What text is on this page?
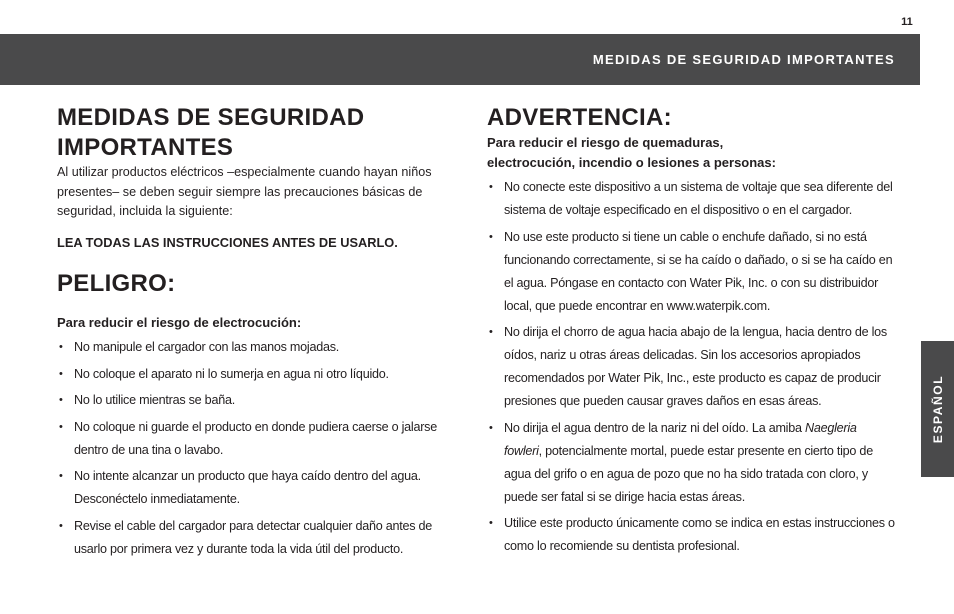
11
MEDIDAS DE SEGURIDAD IMPORTANTES
ESPAÑOL
MEDIDAS DE SEGURIDAD
IMPORTANTES

Al utilizar productos eléctricos –especialmente cuando hayan niños presentes– se deben seguir siempre las precauciones básicas de seguridad, incluida la siguiente:

LEA TODAS LAS INSTRUCCIONES ANTES DE USARLO.

PELIGRO:

Para reducir el riesgo de electrocución:

• No manipule el cargador con las manos mojadas.
• No coloque el aparato ni lo sumerja en agua ni otro líquido.
• No lo utilice mientras se baña.
• No coloque ni guarde el producto en donde pudiera caerse o jalarse dentro de una tina o lavabo.
• No intente alcanzar un producto que haya caído dentro del agua. Desconéctelo inmediatamente.
• Revise el cable del cargador para detectar cualquier daño antes de usarlo por primera vez y durante toda la vida útil del producto.
ADVERTENCIA:

Para reducir el riesgo de quemaduras,
electrocución, incendio o lesiones a personas:

• No conecte este dispositivo a un sistema de voltaje que sea diferente del sistema de voltaje especificado en el dispositivo o en el cargador.
• No use este producto si tiene un cable o enchufe dañado, si no está funcionando correctamente, si se ha caído o dañado, o si se ha caído en el agua. Póngase en contacto con Water Pik, Inc. o con su distribuidor local, que puede encontrar en www.waterpik.com.
• No dirija el chorro de agua hacia abajo de la lengua, hacia dentro de los oídos, nariz u otras áreas delicadas. Sin los accesorios apropiados recomendados por Water Pik, Inc., este producto es capaz de producir presiones que pueden causar graves daños en esas áreas.
• No dirija el agua dentro de la nariz ni del oído. La amiba Naegleria fowleri, potencialmente mortal, puede estar presente en cierto tipo de agua del grifo o en agua de pozo que no ha sido tratada con cloro, y puede ser fatal si se dirige hacia estas áreas.
• Utilice este producto únicamente como se indica en estas instrucciones o como lo recomiende su dentista profesional.
